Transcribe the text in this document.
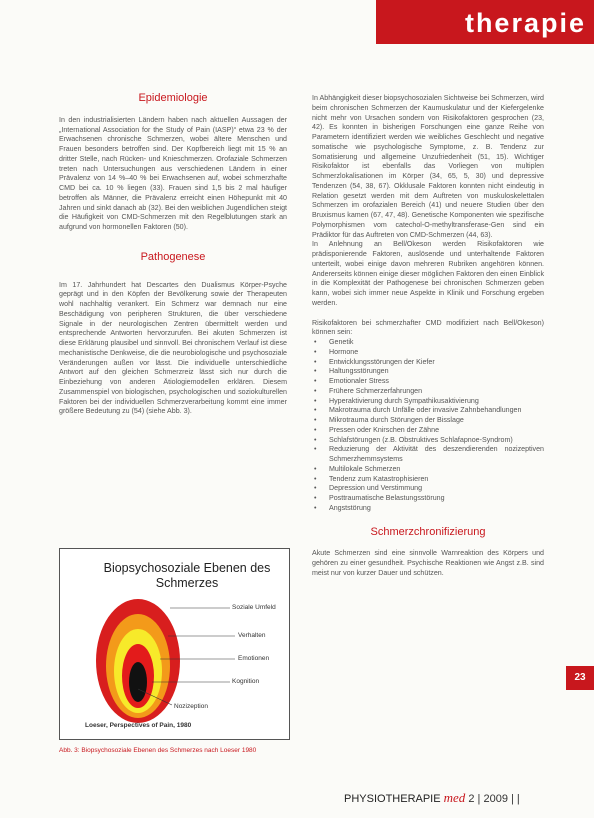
therapie
Epidemiologie

In den industrialisierten Ländern haben nach aktuellen Aussagen der „International Association for the Study of Pain (IASP)“ etwa 23 % der Erwachsenen chronische Schmerzen, wobei ältere Menschen und Frauen besonders betroffen sind. Der Kopfbereich liegt mit 15 % an dritter Stelle, nach Rücken- und Knieschmerzen. Orofaziale Schmerzen treten nach Untersuchungen aus verschiedenen Ländern in einer Prävalenz von 14 %–40 % bei Erwachsenen auf, wobei schmerzhafte CMD bei ca. 10 % liegen (33). Frauen sind 1,5 bis 2 mal häufiger betroffen als Männer, die Prävalenz erreicht einen Höhepunkt mit 40 Jahren und sinkt danach ab (32). Bei den weiblichen Jugendlichen steigt die Häufigkeit von CMD-Schmerzen mit den Regelblutungen stark an aufgrund von hormonellen Faktoren (50).

Pathogenese

Im 17. Jahrhundert hat Descartes den Dualismus Körper-Psyche geprägt und in den Köpfen der Bevölkerung sowie der Therapeuten wohl nachhaltig verankert. Ein Schmerz war demnach nur eine Beschädigung von peripheren Strukturen, die über verschiedene Signale in der neurologischen Zentren übermittelt werden und entsprechende Antworten hervorzurufen. Bei akuten Schmerzen ist diese Erklärung plausibel und sinnvoll. Bei chronischem Verlauf ist diese mechanistische Denkweise, die die neurobiologische und psychosoziale Veränderungen außen vor lässt. Die individuelle unterschiedliche Antwort auf den gleichen Schmerzreiz lässt sich nur durch die Einbeziehung von anderen Ätiologiemodellen erklären. Diesem Zusammenspiel von biologischen, psychologischen und soziokulturellen Faktoren bei der individuellen Schmerzverarbeitung kommt eine immer größere Bedeutung zu (54) (siehe Abb. 3).

Biopsychosoziale Ebenen des Schmerzes
Soziale Umfeld
Verhalten
Emotionen
Kognition
Nozizeption
Loeser, Perspectives of Pain, 1980
Abb. 3: Biopsychosoziale Ebenen des Schmerzes nach Loeser 1980

In Abhängigkeit dieser biopsychosozialen Sichtweise bei Schmerzen, wird beim chronischen Schmerzen der Kaumuskulatur und der Kiefergelenke nicht mehr von Ursachen sondern von Risikofaktoren gesprochen (23, 42). Es konnten in bisherigen Forschungen eine ganze Reihe von Parametern identifiziert werden wie weibliches Geschlecht und negative somatische wie psychologische Symptome, z. B. Tendenz zur Somatisierung und allgemeine Unzufriedenheit (51, 15). Wichtiger Risikofaktor ist ebenfalls das Vorliegen von multiplen Schmerzlokalisationen im Körper (34, 65, 5, 30) und depressive Tendenzen (54, 38, 67). Okklusale Faktoren konnten nicht eindeutig in Relation gesetzt werden mit dem Auftreten von muskuloskelettalen Schmerzen im orofazialen Bereich (41) und neuere Studien über den Bruxismus kamen (67, 47, 48). Genetische Komponenten wie spezifische Polymorphismen vom catechol-O-methyltransferase-Gen sind ein Prädiktor für das Auftreten von CMD-Schmerzen (44, 63).

In Anlehnung an Bell/Okeson werden Risikofaktoren wie prädisponierende Faktoren, auslösende und unterhaltende Faktoren unterteilt, wobei einige davon mehreren Rubriken angehören können. Andererseits können einige dieser möglichen Faktoren den einen Einblick in die Komplexität der Pathogenese bei chronischen Schmerzen geben kann, wobei sich immer neue Aspekte in Klinik und Forschung ergeben werden.

Risikofaktoren bei schmerzhafter CMD modifiziert nach Bell/Okeson) können sein:

• Genetik
• Hormone
• Entwicklungsstörungen der Kiefer
• Haltungsstörungen
• Emotionaler Stress
• Frühere Schmerzerfahrungen
• Hyperaktivierung durch Sympathikusaktivierung
• Makrotrauma durch Unfälle oder invasive Zahnbehandlungen
• Mikrotrauma durch Störungen der Bisslage
• Pressen oder Knirschen der Zähne
• Schlafstörungen (z.B. Obstruktives Schlafapnoe-Syndrom)
• Reduzierung der Aktivität des deszendierenden nozizeptiven Schmerzhemmsystems
• Multilokale Schmerzen
• Tendenz zum Katastrophisieren
• Depression und Verstimmung
• Posttraumatische Belastungsstörung
• Angststörung
Schmerzchronifizierung

Akute Schmerzen sind eine sinnvolle Warnreaktion des Körpers und gehören zu einer gesundheit. Psychische Reaktionen wie Angst z.B. sind meist nur von kurzer Dauer und schützen.

23
PHYSIOTHERAPIE med 2 | 2009 | |
